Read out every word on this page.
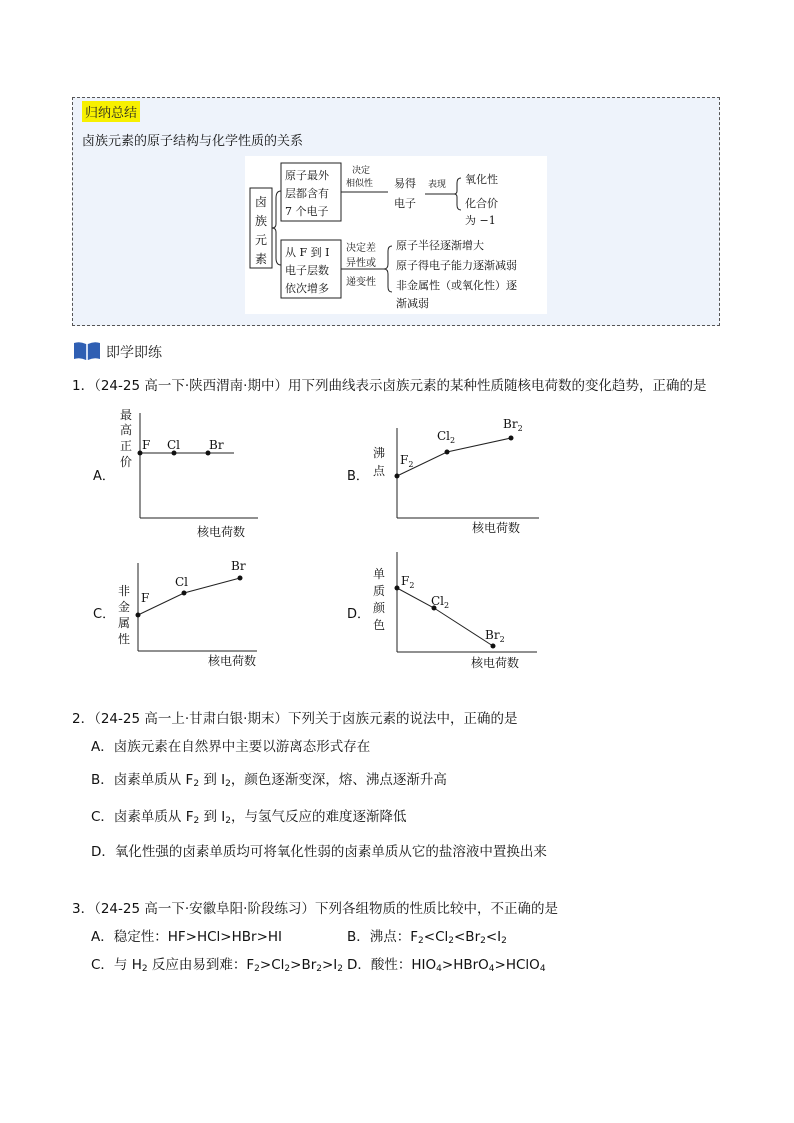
归纳总结
卤族元素的原子结构与化学性质的关系
卤
族
元
素
原子最外
层都含有
7 个电子
从 F 到 I
电子层数
依次增多
决定
相似性 易得
电子
表现 氧化性
化合价
为 −1
决定差
异性或
递变性
原子半径逐渐增大
原子得电子能力逐渐减弱
非金属性（或氧化性）逐
渐减弱
即学即练
1．（24-25 高一下·陕西渭南·期中）用下列曲线表示卤族元素的某种性质随核电荷数的变化趋势，正确的是
A．
最
高
正
价
F Cl Br
核电荷数
B．
沸
点
$F_2$
$Cl_2$
$Br_2$
核电荷数
C．
非
金
属
性
F
Cl
Br
核电荷数
D．
单
质
颜
色
$F_2$
$Cl_2$
$Br_2$
核电荷数
2．（24-25 高一上·甘肃白银·期末）下列关于卤族元素的说法中，正确的是
A．卤族元素在自然界中主要以游离态形式存在
B．卤素单质从 $F_2$ 到 $I_2$，颜色逐渐变深，熔、沸点逐渐升高
C．卤素单质从 $F_2$ 到 $I_2$，与氢气反应的难度逐渐降低
D．氧化性强的卤素单质均可将氧化性弱的卤素单质从它的盐溶液中置换出来
3．（24-25 高一下·安徽阜阳·阶段练习）下列各组物质的性质比较中，不正确的是
A．稳定性：HF>HCl>HBr>HI	B．沸点：$F_2<Cl_2<Br_2<I_2$
C．与 $H_2$ 反应由易到难：$F_2>Cl_2>Br_2>I_2$ D．酸性：$HIO_4>HBrO_4>HClO_4$
